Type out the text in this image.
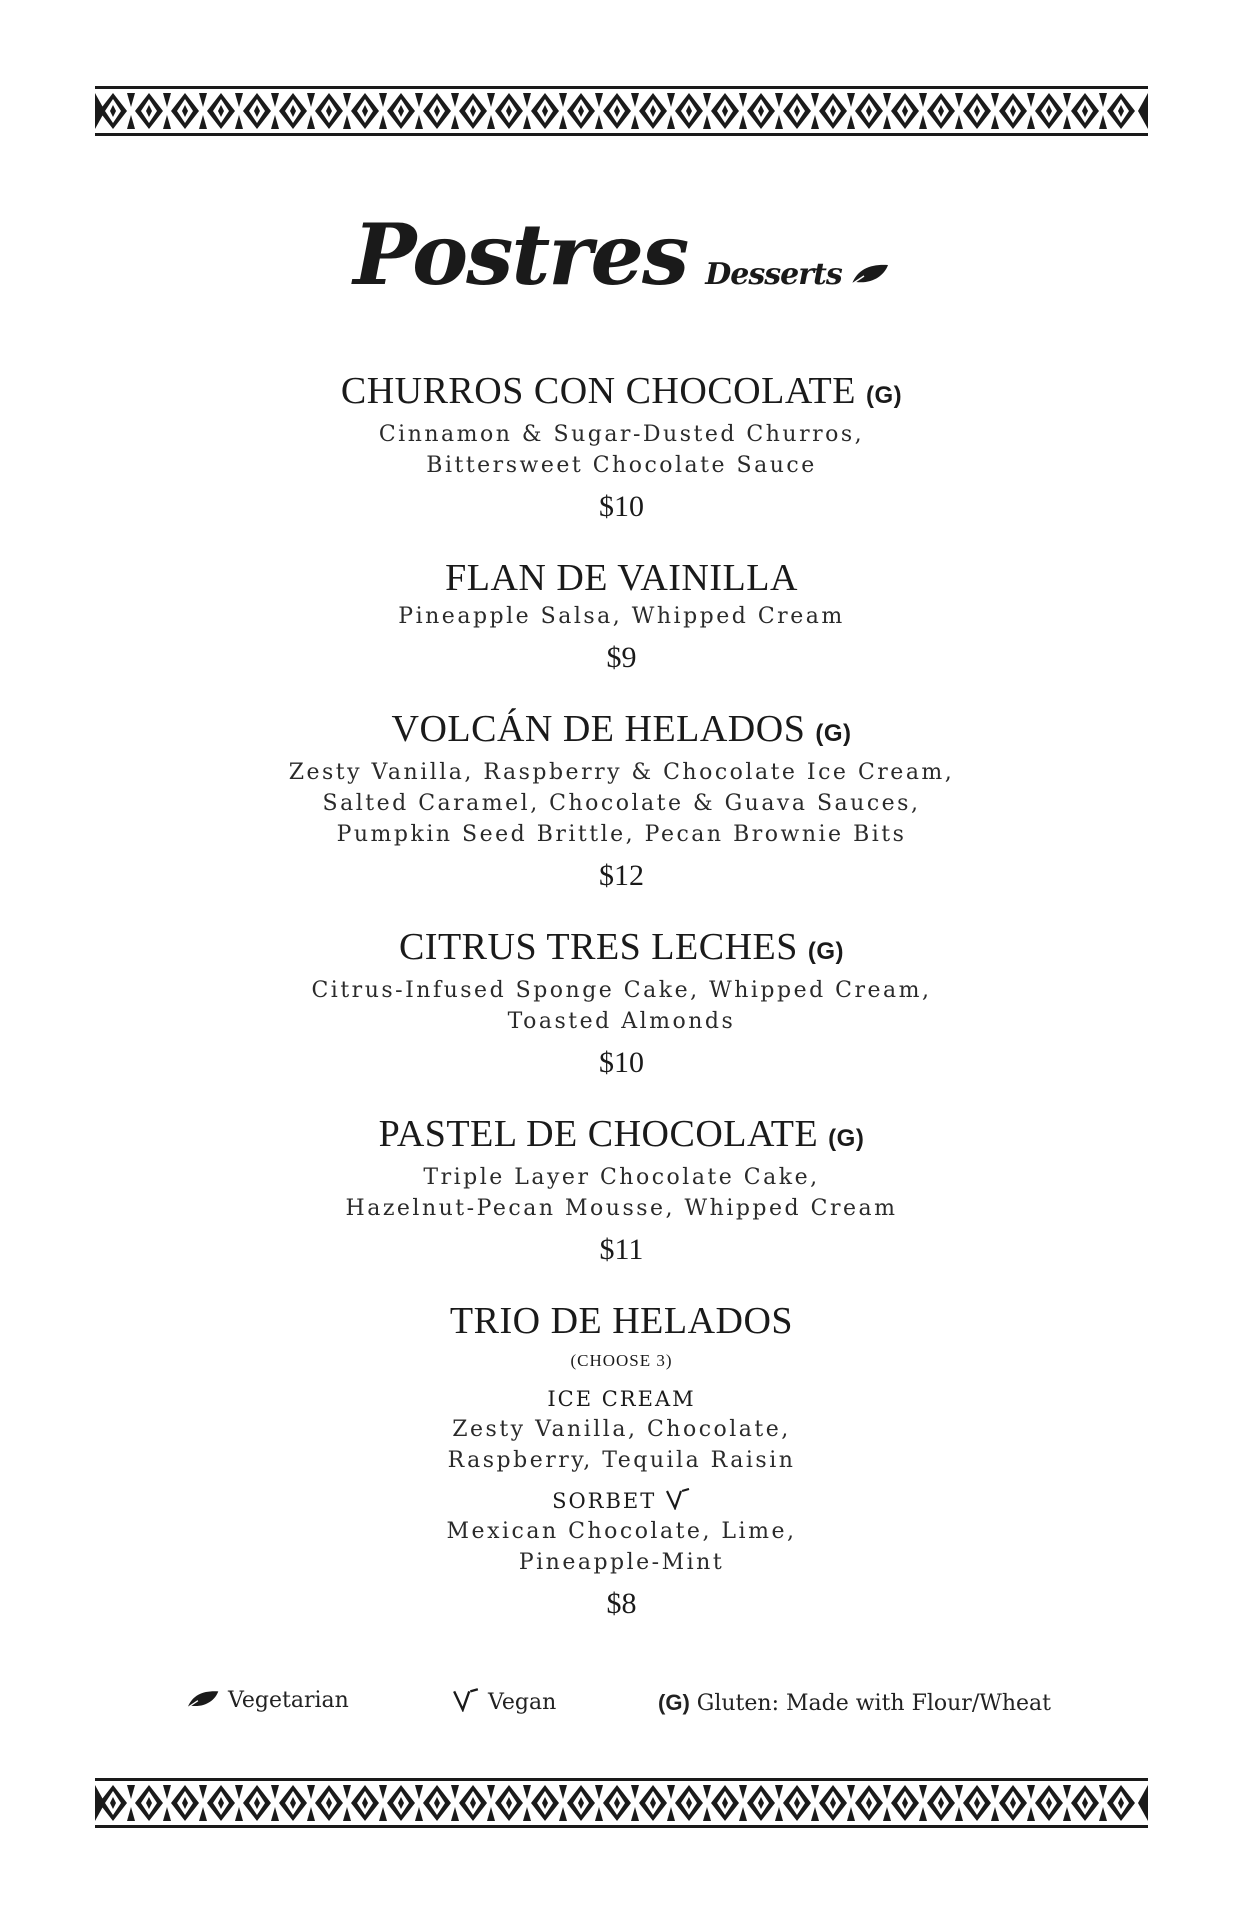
Postres Desserts
CHURROS CON CHOCOLATE (G)
Cinnamon & Sugar-Dusted Churros,
Bittersweet Chocolate Sauce
$10
FLAN DE VAINILLA
Pineapple Salsa, Whipped Cream
$9
VOLCÁN DE HELADOS (G)
Zesty Vanilla, Raspberry & Chocolate Ice Cream,
Salted Caramel, Chocolate & Guava Sauces,
Pumpkin Seed Brittle, Pecan Brownie Bits
$12
CITRUS TRES LECHES (G)
Citrus-Infused Sponge Cake, Whipped Cream,
Toasted Almonds
$10
PASTEL DE CHOCOLATE (G)
Triple Layer Chocolate Cake,
Hazelnut-Pecan Mousse, Whipped Cream
$11
TRIO DE HELADOS
(CHOOSE 3)
ICE CREAM
Zesty Vanilla, Chocolate,
Raspberry, Tequila Raisin
SORBET
Mexican Chocolate, Lime,
Pineapple-Mint
$8
Vegetarian	Vegan	(G) Gluten: Made with Flour/Wheat
